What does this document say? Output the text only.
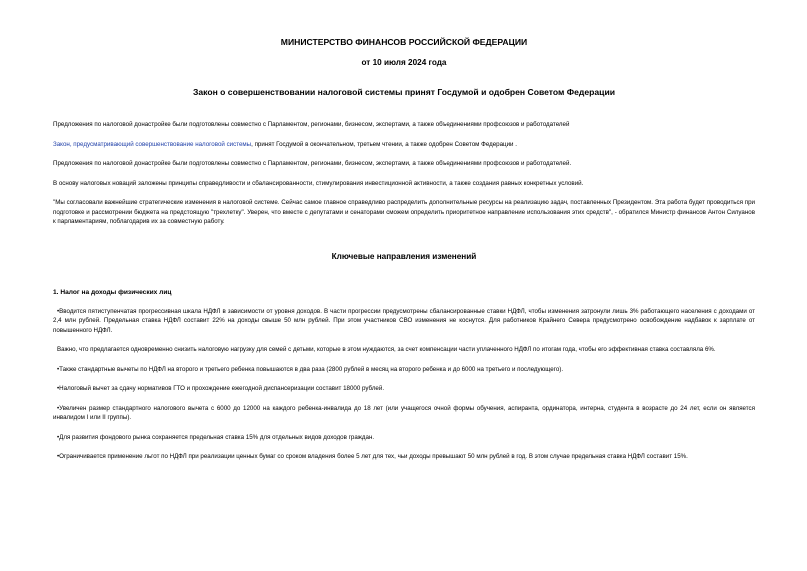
МИНИСТЕРСТВО ФИНАНСОВ РОССИЙСКОЙ ФЕДЕРАЦИИ
от 10 июля 2024 года
Закон о совершенствовании налоговой системы принят Госдумой и одобрен Советом Федерации

Предложения по налоговой донастройке были подготовлены совместно с Парламентом, регионами, бизнесом, экспертами, а также объединениями профсоюзов и работодателей

Закон, предусматривающий совершенствование налоговой системы, принят Госдумой в окончательном, третьем чтении, а также одобрен Советом Федерации .

Предложения по налоговой донастройке были подготовлены совместно с Парламентом, регионами, бизнесом, экспертами, а также объединениями профсоюзов и работодателей.

В основу налоговых новаций заложены принципы справедливости и сбалансированности, стимулирования инвестиционной активности, а также создания равных конкретных условий.

"Мы согласовали важнейшие стратегические изменения в налоговой системе. Сейчас самое главное справедливо распределить дополнительные ресурсы на реализацию задач, поставленных Президентом. Эта работа будет проводиться при подготовке и рассмотрении бюджета на предстоящую "трехлетку". Уверен, что вместе с депутатами и сенаторами сможем определить приоритетное направление использования этих средств", - обратился Министр финансов Антон Силуанов к парламентариям, поблагодарив их за совместную работу.

Ключевые направления изменений
1. Налог на доходы физических лиц

•Вводится пятиступенчатая прогрессивная шкала НДФЛ в зависимости от уровня доходов. В части прогрессии предусмотрены сбалансированные ставки НДФЛ, чтобы изменения затронули лишь 3% работающего населения с доходами от 2,4 млн рублей. Предельная ставка НДФЛ составит 22% на доходы свыше 50 млн рублей. При этом участников СВО изменения не коснутся. Для работников Крайнего Севера предусмотрено освобождение надбавок к зарплате от повышенного НДФЛ.

Важно, что предлагается одновременно снизить налоговую нагрузку для семей с детьми, которые в этом нуждаются, за счет компенсации части уплаченного НДФЛ по итогам года, чтобы его эффективная ставка составляла 6%.

•Также стандартные вычеты по НДФЛ на второго и третьего ребенка повышаются в два раза (2800 рублей в месяц на второго ребенка и до 6000 на третьего и последующего).

•Налоговый вычет за сдачу нормативов ГТО и прохождение ежегодной диспансеризации составит 18000 рублей.

•Увеличен размер стандартного налогового вычета с 6000 до 12000 на каждого ребенка-инвалида до 18 лет (или учащегося очной формы обучения, аспиранта, ординатора, интерна, студента в возрасте до 24 лет, если он является инвалидом I или II группы).

•Для развития фондового рынка сохраняется предельная ставка 15% для отдельных видов доходов граждан.

•Ограничивается применение льгот по НДФЛ при реализации ценных бумаг со сроком владения более 5 лет для тех, чьи доходы превышают 50 млн рублей в год. В этом случае предельная ставка НДФЛ составит 15%.
